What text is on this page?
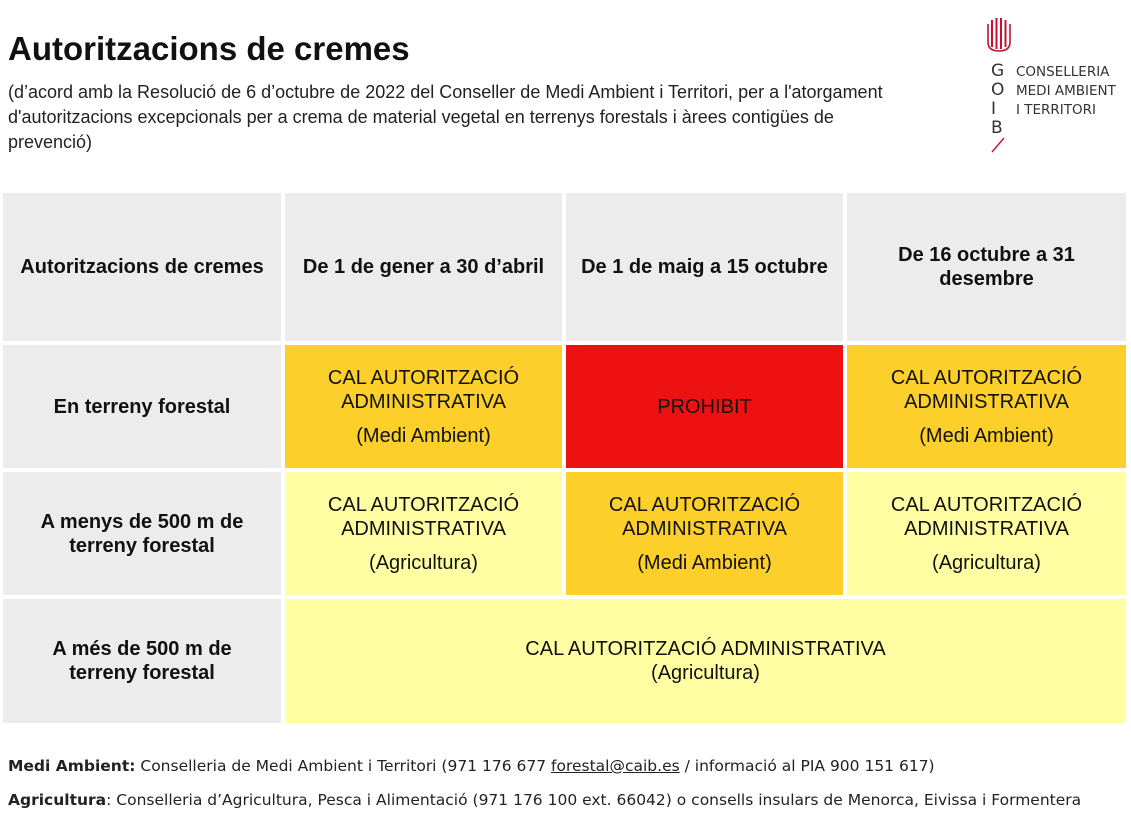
Autoritzacions de cremes
(d’acord amb la Resolució de 6 d’octubre de 2022 del Conseller de Medi Ambient i Territori, per a l'atorgament d'autoritzacions excepcionals per a crema de material vegetal en terrenys forestals i àrees contigües de prevenció)
G
O
I
B
CONSELLERIA
MEDI AMBIENT
I TERRITORI
Autoritzacions de cremes	De 1 de gener a 30 d’abril	De 1 de maig a 15 octubre
De 16 octubre a 31 desembre
En terreny forestal
CAL AUTORITZACIÓ ADMINISTRATIVA
(Medi Ambient)
PROHIBIT
CAL AUTORITZACIÓ ADMINISTRATIVA
(Medi Ambient)
A menys de 500 m de terreny forestal
CAL AUTORITZACIÓ ADMINISTRATIVA
(Agricultura)
CAL AUTORITZACIÓ ADMINISTRATIVA
(Medi Ambient)
CAL AUTORITZACIÓ ADMINISTRATIVA
(Agricultura)
A més de 500 m de terreny forestal
CAL AUTORITZACIÓ ADMINISTRATIVA
(Agricultura)
Medi Ambient: Conselleria de Medi Ambient i Territori (971 176 677 forestal@caib.es / informació al PIA 900 151 617)
Agricultura: Conselleria d’Agricultura, Pesca i Alimentació (971 176 100 ext. 66042) o consells insulars de Menorca, Eivissa i Formentera
